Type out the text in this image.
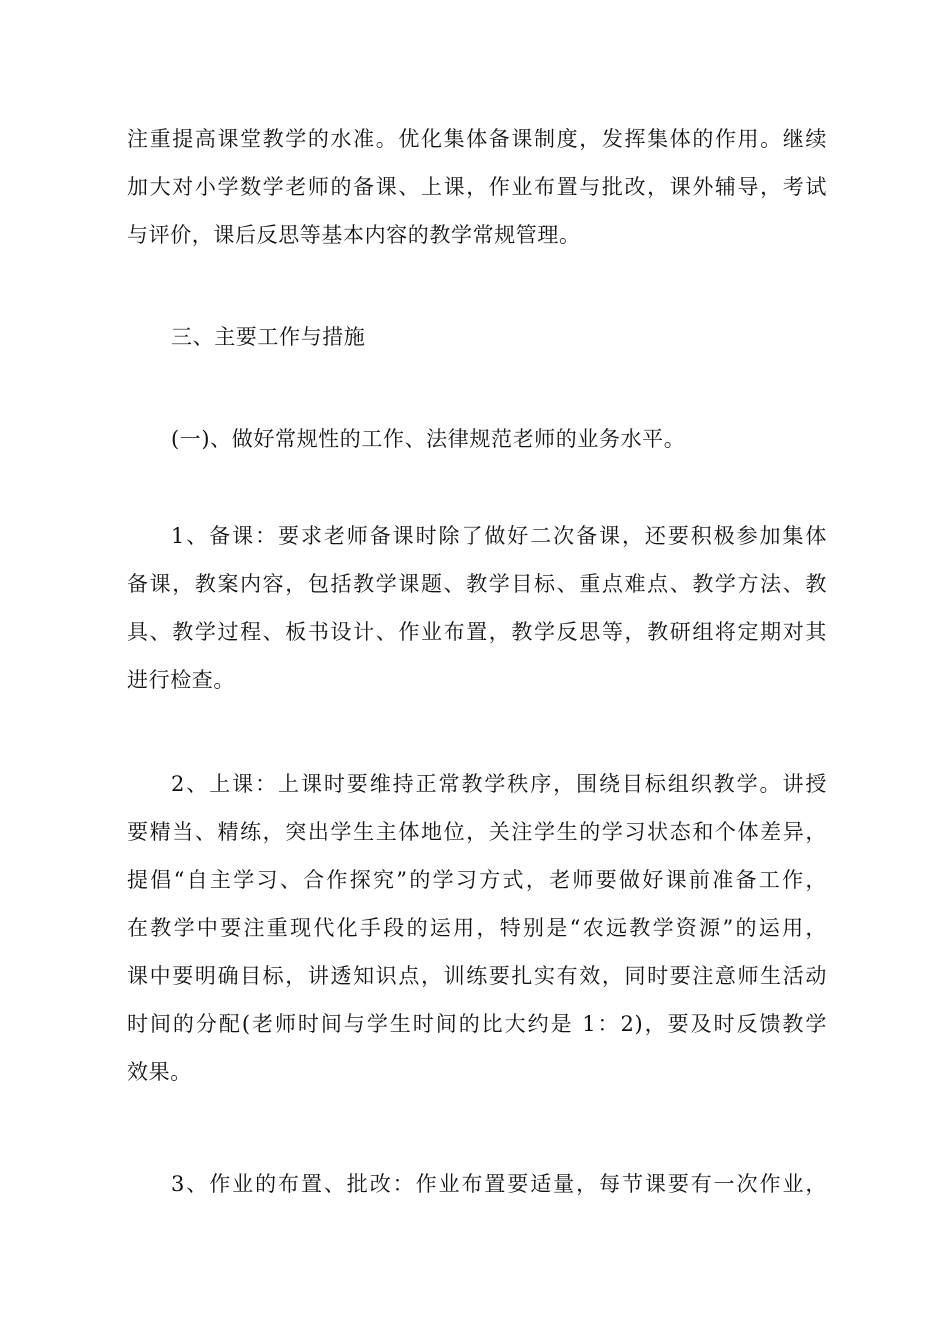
注重提高课堂教学的水准。优化集体备课制度，发挥集体的作用。继续
加大对小学数学老师的备课、上课，作业布置与批改，课外辅导，考试
与评价，课后反思等基本内容的教学常规管理。
三、主要工作与措施
(一)、做好常规性的工作、法律规范老师的业务水平。
1、备课：要求老师备课时除了做好二次备课，还要积极参加集体
备课，教案内容，包括教学课题、教学目标、重点难点、教学方法、教
具、教学过程、板书设计、作业布置，教学反思等，教研组将定期对其
进行检查。
2、上课：上课时要维持正常教学秩序，围绕目标组织教学。讲授
要精当、精练，突出学生主体地位，关注学生的学习状态和个体差异，
提倡“自主学习、合作探究”的学习方式，老师要做好课前准备工作，
在教学中要注重现代化手段的运用，特别是“农远教学资源”的运用，
课中要明确目标，讲透知识点，训练要扎实有效，同时要注意师生活动
时间的分配(老师时间与学生时间的比大约是 1：2)，要及时反馈教学
效果。
3、作业的布置、批改：作业布置要适量，每节课要有一次作业，
